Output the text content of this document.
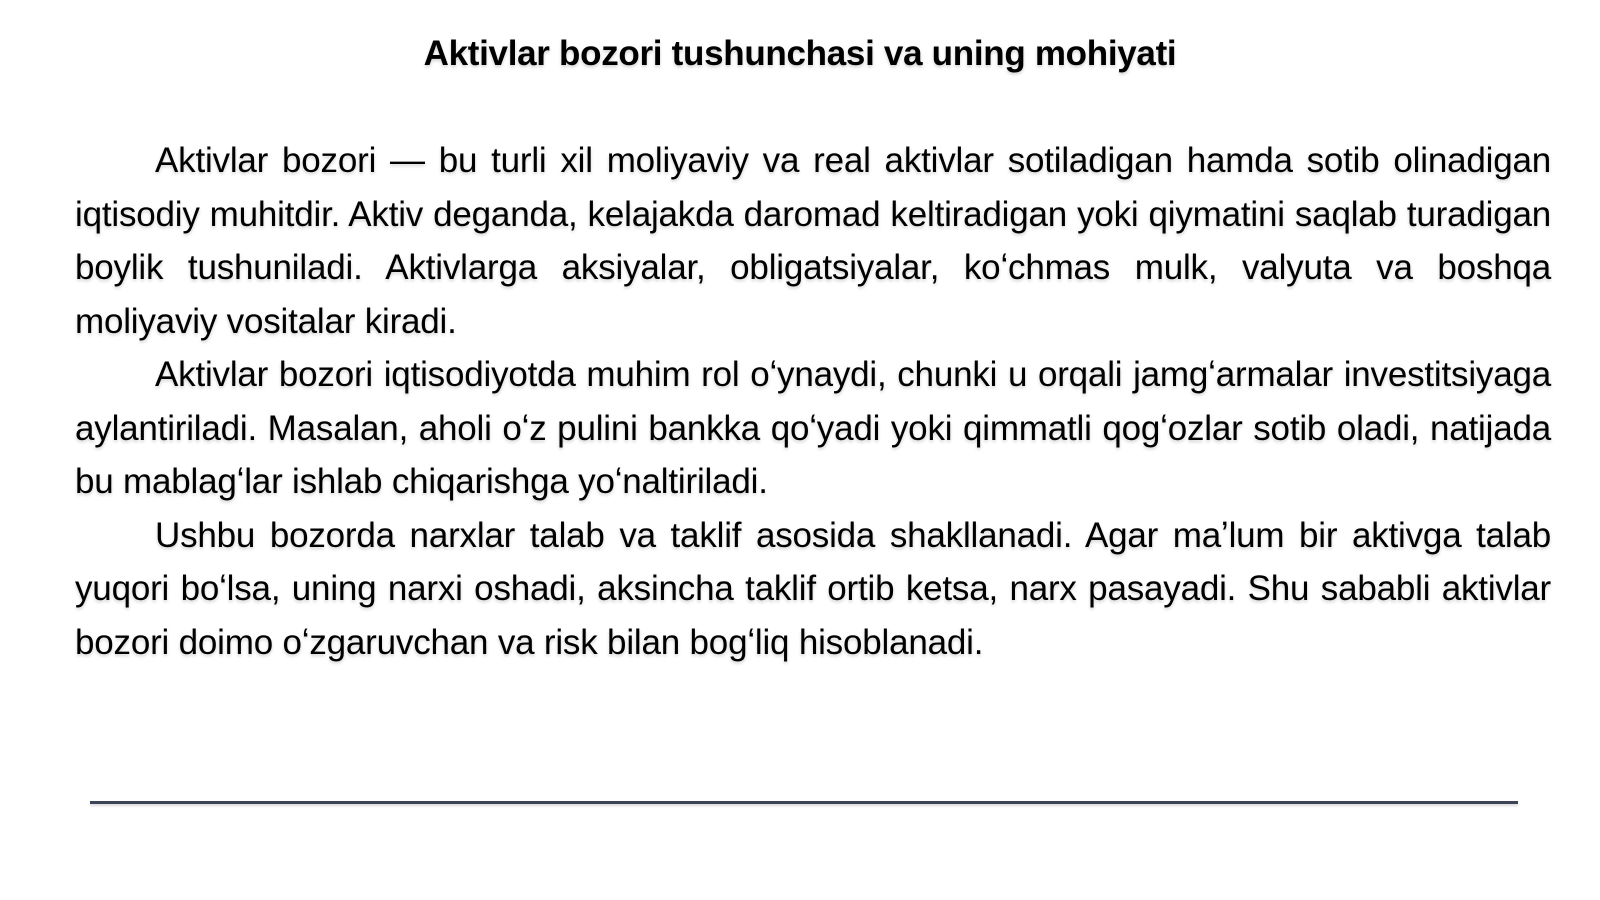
Aktivlar bozori tushunchasi va uning mohiyati

Aktivlar bozori — bu turli xil moliyaviy va real aktivlar sotiladigan hamda sotib olinadigan iqtisodiy muhitdir. Aktiv deganda, kelajakda daromad keltiradigan yoki qiymatini saqlab turadigan boylik tushuniladi. Aktivlarga aksiyalar, obligatsiyalar, koʻchmas mulk, valyuta va boshqa moliyaviy vositalar kiradi.

Aktivlar bozori iqtisodiyotda muhim rol oʻynaydi, chunki u orqali jamgʻarmalar investitsiyaga aylantiriladi. Masalan, aholi oʻz pulini bankka qoʻyadi yoki qimmatli qogʻozlar sotib oladi, natijada bu mablagʻlar ishlab chiqarishga yoʻnaltiriladi.

Ushbu bozorda narxlar talab va taklif asosida shakllanadi. Agar maʼlum bir aktivga talab yuqori boʻlsa, uning narxi oshadi, aksincha taklif ortib ketsa, narx pasayadi. Shu sababli aktivlar bozori doimo oʻzgaruvchan va risk bilan bogʻliq hisoblanadi.
